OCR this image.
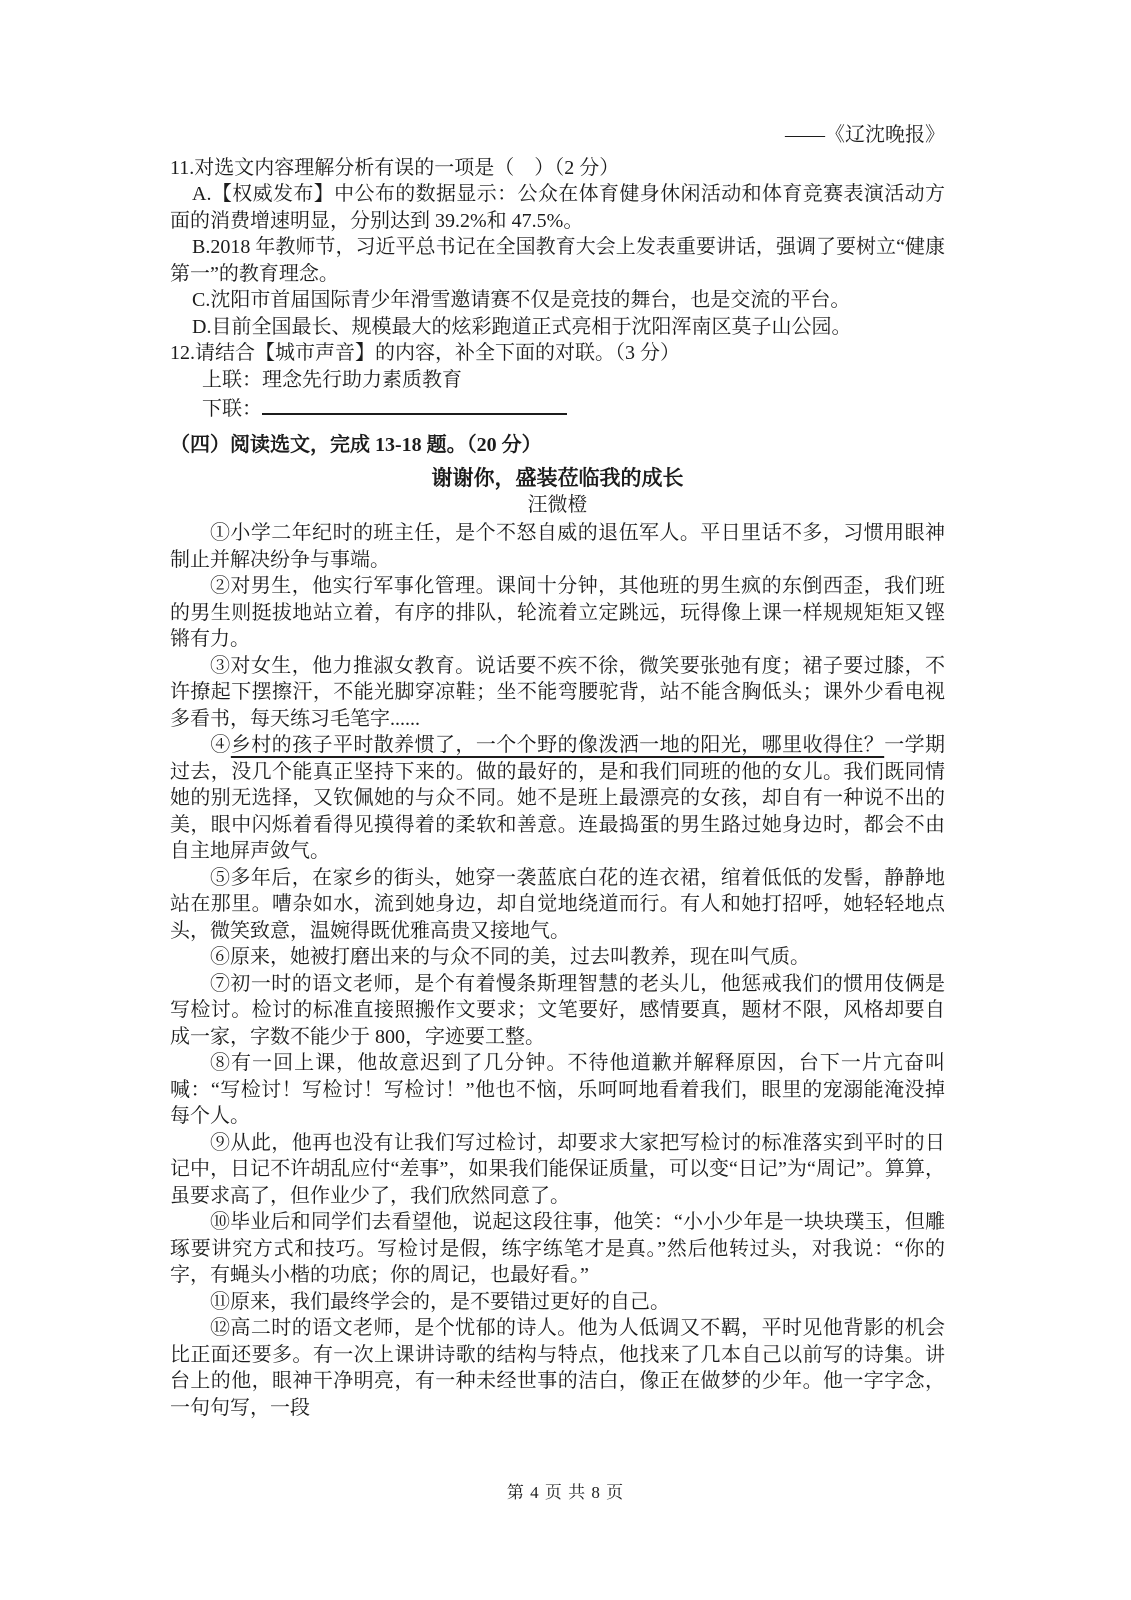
——《辽沈晚报》

11.对选文内容理解分析有误的一项是（　）（2 分）

A.【权威发布】中公布的数据显示：公众在体育健身休闲活动和体育竞赛表演活动方面的消费增速明显，分别达到 39.2%和 47.5%。

B.2018 年教师节，习近平总书记在全国教育大会上发表重要讲话，强调了要树立“健康第一”的教育理念。

C.沈阳市首届国际青少年滑雪邀请赛不仅是竞技的舞台，也是交流的平台。

D.目前全国最长、规模最大的炫彩跑道正式亮相于沈阳浑南区莫子山公园。

12.请结合【城市声音】的内容，补全下面的对联。（3 分）

上联：理念先行助力素质教育

下联：

（四）阅读选文，完成 13-18 题。（20 分）

谢谢你，盛装莅临我的成长

汪微橙

①小学二年纪时的班主任，是个不怒自威的退伍军人。平日里话不多，习惯用眼神制止并解决纷争与事端。

②对男生，他实行军事化管理。课间十分钟，其他班的男生疯的东倒西歪，我们班的男生则挺拔地站立着，有序的排队，轮流着立定跳远，玩得像上课一样规规矩矩又铿锵有力。

③对女生，他力推淑女教育。说话要不疾不徐，微笑要张弛有度；裙子要过膝，不许撩起下摆擦汗，不能光脚穿凉鞋；坐不能弯腰驼背，站不能含胸低头；课外少看电视多看书，每天练习毛笔字......

④乡村的孩子平时散养惯了，一个个野的像泼洒一地的阳光，哪里收得住？一学期过去，没几个能真正坚持下来的。做的最好的，是和我们同班的他的女儿。我们既同情她的别无选择，又钦佩她的与众不同。她不是班上最漂亮的女孩，却自有一种说不出的美，眼中闪烁着看得见摸得着的柔软和善意。连最捣蛋的男生路过她身边时，都会不由自主地屏声敛气。

⑤多年后，在家乡的街头，她穿一袭蓝底白花的连衣裙，绾着低低的发髻，静静地站在那里。嘈杂如水，流到她身边，却自觉地绕道而行。有人和她打招呼，她轻轻地点头，微笑致意，温婉得既优雅高贵又接地气。

⑥原来，她被打磨出来的与众不同的美，过去叫教养，现在叫气质。

⑦初一时的语文老师，是个有着慢条斯理智慧的老头儿，他惩戒我们的惯用伎俩是写检讨。检讨的标准直接照搬作文要求；文笔要好，感情要真，题材不限，风格却要自成一家，字数不能少于 800，字迹要工整。

⑧有一回上课，他故意迟到了几分钟。不待他道歉并解释原因，台下一片亢奋叫喊：“写检讨！写检讨！写检讨！”他也不恼，乐呵呵地看着我们，眼里的宠溺能淹没掉每个人。

⑨从此，他再也没有让我们写过检讨，却要求大家把写检讨的标准落实到平时的日记中，日记不许胡乱应付“差事”，如果我们能保证质量，可以变“日记”为“周记”。算算，虽要求高了，但作业少了，我们欣然同意了。

⑩毕业后和同学们去看望他，说起这段往事，他笑：“小小少年是一块块璞玉，但雕琢要讲究方式和技巧。写检讨是假，练字练笔才是真。”然后他转过头，对我说：“你的字，有蝇头小楷的功底；你的周记，也最好看。”

⑪原来，我们最终学会的，是不要错过更好的自己。

⑫高二时的语文老师，是个忧郁的诗人。他为人低调又不羁，平时见他背影的机会比正面还要多。有一次上课讲诗歌的结构与特点，他找来了几本自己以前写的诗集。讲台上的他，眼神干净明亮，有一种未经世事的洁白，像正在做梦的少年。他一字字念，一句句写，一段

第 4 页 共 8 页
